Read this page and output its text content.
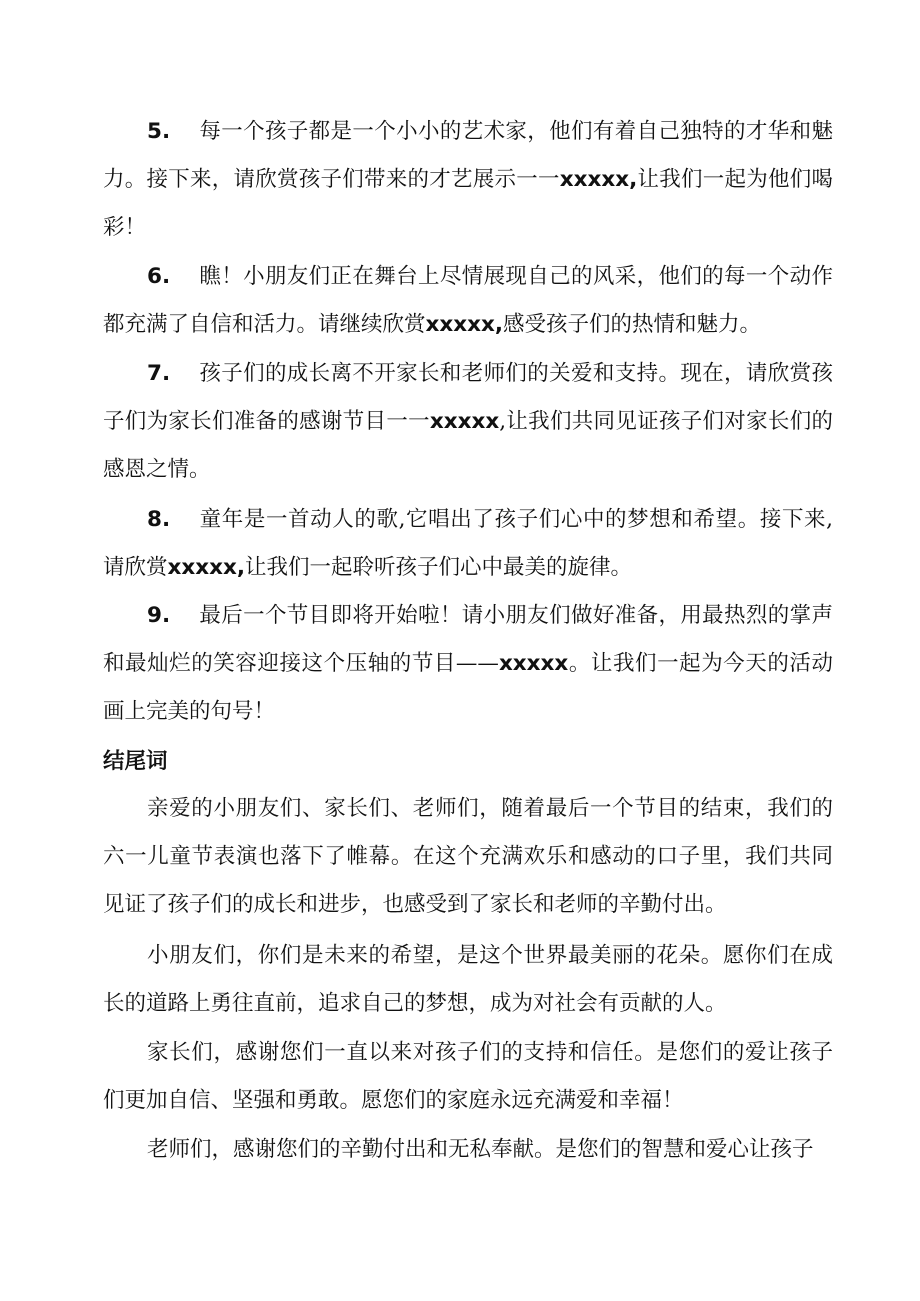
5. 每一个孩子都是一个小小的艺术家，他们有着自己独特的才华和魅力。接下来，请欣赏孩子们带来的才艺展示一一xxxxx,让我们一起为他们喝彩！

6. 瞧！小朋友们正在舞台上尽情展现自己的风采，他们的每一个动作都充满了自信和活力。请继续欣赏xxxxx,感受孩子们的热情和魅力。

7. 孩子们的成长离不开家长和老师们的关爱和支持。现在，请欣赏孩子们为家长们准备的感谢节目一一xxxxx,让我们共同见证孩子们对家长们的感恩之情。

8. 童年是一首动人的歌,它唱出了孩子们心中的梦想和希望。接下来,请欣赏xxxxx,让我们一起聆听孩子们心中最美的旋律。

9. 最后一个节目即将开始啦！请小朋友们做好准备，用最热烈的掌声和最灿烂的笑容迎接这个压轴的节目——xxxxx。让我们一起为今天的活动画上完美的句号！

结尾词

亲爱的小朋友们、家长们、老师们，随着最后一个节目的结束，我们的六一儿童节表演也落下了帷幕。在这个充满欢乐和感动的口子里，我们共同见证了孩子们的成长和进步，也感受到了家长和老师的辛勤付出。

小朋友们，你们是未来的希望，是这个世界最美丽的花朵。愿你们在成长的道路上勇往直前，追求自己的梦想，成为对社会有贡献的人。

家长们，感谢您们一直以来对孩子们的支持和信任。是您们的爱让孩子们更加自信、坚强和勇敢。愿您们的家庭永远充满爱和幸福！

老师们，感谢您们的辛勤付出和无私奉献。是您们的智慧和爱心让孩子
